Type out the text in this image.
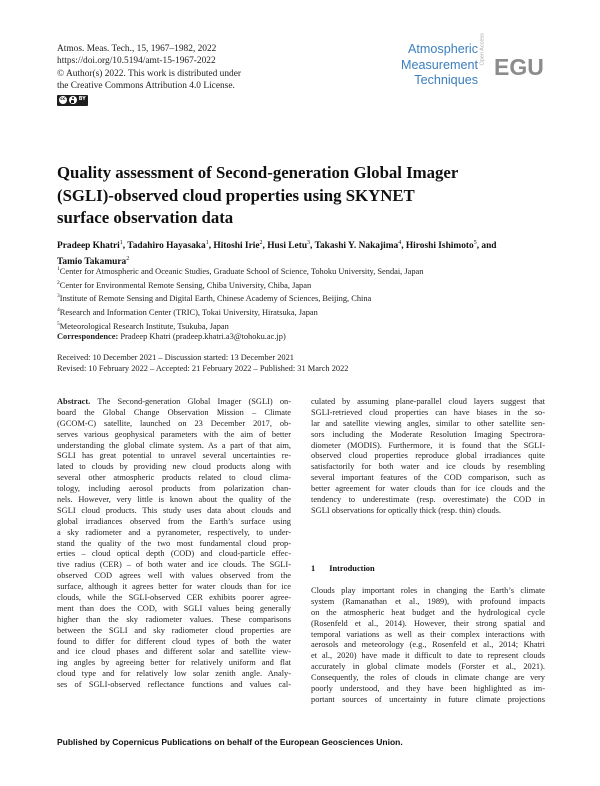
Atmos. Meas. Tech., 15, 1967–1982, 2022
https://doi.org/10.5194/amt-15-1967-2022
© Author(s) 2022. This work is distributed under
the Creative Commons Attribution 4.0 License.
cc	BY
Atmospheric
Measurement
Techniques
Open Access
EGU
Quality assessment of Second-generation Global Imager
(SGLI)-observed cloud properties using SKYNET
surface observation data
Pradeep Khatri$^1$, Tadahiro Hayasaka$^1$, Hitoshi Irie$^2$, Husi Letu$^3$, Takashi Y. Nakajima$^4$, Hiroshi Ishimoto$^5$, and
Tamio Takamura$^2$
$^1$Center for Atmospheric and Oceanic Studies, Graduate School of Science, Tohoku University, Sendai, Japan
$^2$Center for Environmental Remote Sensing, Chiba University, Chiba, Japan
$^3$Institute of Remote Sensing and Digital Earth, Chinese Academy of Sciences, Beijing, China
$^4$Research and Information Center (TRIC), Tokai University, Hiratsuka, Japan
$^5$Meteorological Research Institute, Tsukuba, Japan
Correspondence: Pradeep Khatri (pradeep.khatri.a3@tohoku.ac.jp)
Received: 10 December 2021 – Discussion started: 13 December 2021
Revised: 10 February 2022 – Accepted: 21 February 2022 – Published: 31 March 2022
Abstract. The Second-generation Global Imager (SGLI) on-
board the Global Change Observation Mission – Climate
(GCOM-C) satellite, launched on 23 December 2017, ob-
serves various geophysical parameters with the aim of better
understanding the global climate system. As a part of that aim,
SGLI has great potential to unravel several uncertainties re-
lated to clouds by providing new cloud products along with
several other atmospheric products related to cloud clima-
tology, including aerosol products from polarization chan-
nels. However, very little is known about the quality of the
SGLI cloud products. This study uses data about clouds and
global irradiances observed from the Earth’s surface using
a sky radiometer and a pyranometer, respectively, to under-
stand the quality of the two most fundamental cloud prop-
erties – cloud optical depth (COD) and cloud-particle effec-
tive radius (CER) – of both water and ice clouds. The SGLI-
observed COD agrees well with values observed from the
surface, although it agrees better for water clouds than for ice
clouds, while the SGLI-observed CER exhibits poorer agree-
ment than does the COD, with SGLI values being generally
higher than the sky radiometer values. These comparisons
between the SGLI and sky radiometer cloud properties are
found to differ for different cloud types of both the water
and ice cloud phases and different solar and satellite view-
ing angles by agreeing better for relatively uniform and flat
cloud type and for relatively low solar zenith angle. Analy-
ses of SGLI-observed reflectance functions and values cal-
culated by assuming plane-parallel cloud layers suggest that
SGLI-retrieved cloud properties can have biases in the so-
lar and satellite viewing angles, similar to other satellite sen-
sors including the Moderate Resolution Imaging Spectrora-
diometer (MODIS). Furthermore, it is found that the SGLI-
observed cloud properties reproduce global irradiances quite
satisfactorily for both water and ice clouds by resembling
several important features of the COD comparison, such as
better agreement for water clouds than for ice clouds and the
tendency to underestimate (resp. overestimate) the COD in
SGLI observations for optically thick (resp. thin) clouds.
1 Introduction
Clouds play important roles in changing the Earth’s climate
system (Ramanathan et al., 1989), with profound impacts
on the atmospheric heat budget and the hydrological cycle
(Rosenfeld et al., 2014). However, their strong spatial and
temporal variations as well as their complex interactions with
aerosols and meteorology (e.g., Rosenfeld et al., 2014; Khatri
et al., 2020) have made it difficult to date to represent clouds
accurately in global climate models (Forster et al., 2021).
Consequently, the roles of clouds in climate change are very
poorly understood, and they have been highlighted as im-
portant sources of uncertainty in future climate projections
Published by Copernicus Publications on behalf of the European Geosciences Union.
